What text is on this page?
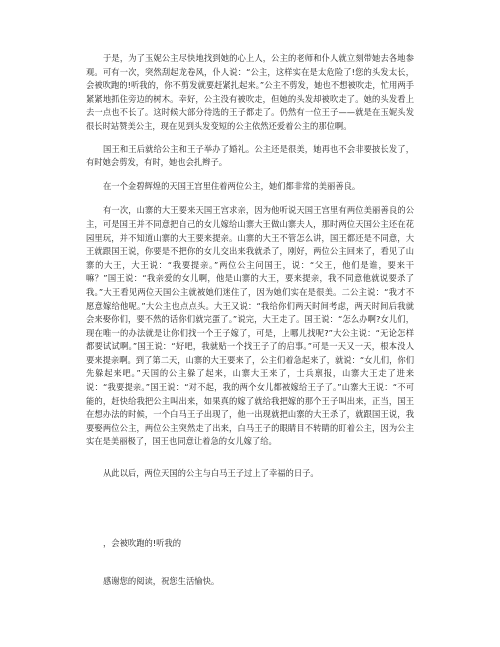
于是，为了玉妮公主尽快地找到她的心上人，公主的老师和仆人就立刻带她去各地参观。可有一次，突然刮起龙卷风，仆人说：“公主，这样实在是太危险了!您的头发太长，会被吹跑的!听我的，你不剪发就要赶紧扎起来。”公主不剪发，她也不想被吹走，忙用两手紧紧地抓住旁边的树木。幸好，公主没有被吹走，但她的头发却被吹走了。她的头发看上去一点也不长了。这时候大部分待选的王子都走了。仍然有一位王子——就是在玉妮头发很长时站赞美公主，现在见到头发变短的公主依然还爱着公主的那位啊。

国王和王后就给公主和王子举办了婚礼。公主还是很美，她再也不会非要披长发了，有时她会剪发，有时，她也会扎辫子。

在一个金碧辉煌的天国王宫里住着两位公主，她们都非常的美丽善良。

有一次，山寨的大王要来天国王宫求亲，因为他听说天国王宫里有两位美丽善良的公主，可是国王并不同意把自己的女儿嫁给山寨大王做山寨夫人，那时两位天国公主还在花园里玩，并不知道山寨的大王要来提亲。山寨的大王不管怎么讲，国王都还是不同意，大王就跟国王说，你要是不把你的女儿交出来我就杀了，刚好，两位公主回来了，看见了山寨的大王，大王说：“我要提亲。”两位公主问国王，说：“父王，他们是谁，要来干嘛？”国王说：“我亲爱的女儿啊，他是山寨的大王，要来提亲，我不同意他就说要杀了我。”大王看见两位天国公主就被她们迷住了，因为她们实在是很美。二公主说：“我才不愿意嫁给他呢。”大公主也点点头。大王又说：“我给你们两天时间考虑，两天时间后我就会来娶你们，要不然的话你们就完蛋了。”说完，大王走了。国王说：“怎么办啊?女儿们，现在唯一的办法就是让你们找一个王子嫁了，可是，上哪儿找呢?”大公主说：“无论怎样都要试试啊。”国王说：“好吧，我就贴一个找王子了的启事。”可是一天又一天，根本没人要来提亲啊。到了第二天，山寨的大王要来了，公主们着急起来了，就说：“女儿们，你们先躲起来吧。”天国的公主躲了起来，山寨大王来了，士兵禀报，山寨大王走了进来说：“我要提亲。”国王说：“对不起，我的两个女儿都被嫁给王子了。”山寨大王说：“不可能的，赶快给我把公主叫出来，如果真的嫁了就给我把嫁的那个王子叫出来，正当，国王在想办法的时候，一个白马王子出现了，他一出现就把山寨的大王杀了，就跟国王说，我要娶两位公主，两位公主突然走了出来，白马王子的眼睛目不转睛的盯着公主，因为公主实在是美丽极了，国王也同意让着急的女儿嫁了给。

从此以后，两位天国的公主与白马王子过上了幸福的日子。

，会被吹跑的!听我的

感谢您的阅读，祝您生活愉快。
